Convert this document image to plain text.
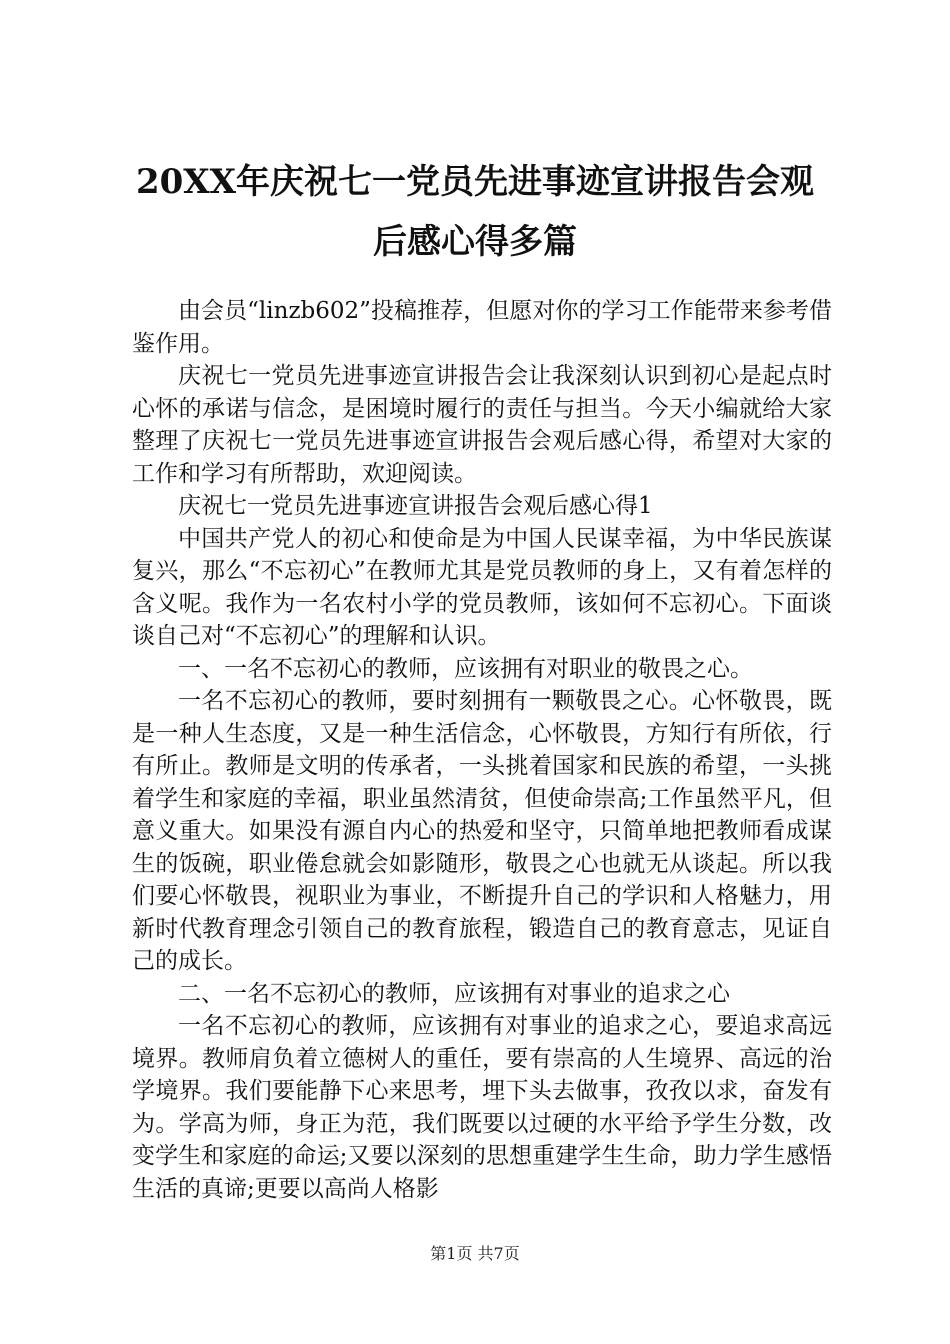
20XX年庆祝七一党员先进事迹宣讲报告会观
后感心得多篇

由会员“linzb602”投稿推荐，但愿对你的学习工作能带来参考借鉴作用。

庆祝七一党员先进事迹宣讲报告会让我深刻认识到初心是起点时心怀的承诺与信念，是困境时履行的责任与担当。今天小编就给大家整理了庆祝七一党员先进事迹宣讲报告会观后感心得，希望对大家的工作和学习有所帮助，欢迎阅读。

庆祝七一党员先进事迹宣讲报告会观后感心得1

中国共产党人的初心和使命是为中国人民谋幸福，为中华民族谋复兴，那么“不忘初心”在教师尤其是党员教师的身上，又有着怎样的含义呢。我作为一名农村小学的党员教师，该如何不忘初心。下面谈谈自己对“不忘初心”的理解和认识。

一、一名不忘初心的教师，应该拥有对职业的敬畏之心。

一名不忘初心的教师，要时刻拥有一颗敬畏之心。心怀敬畏，既是一种人生态度，又是一种生活信念，心怀敬畏，方知行有所依，行有所止。教师是文明的传承者，一头挑着国家和民族的希望，一头挑着学生和家庭的幸福，职业虽然清贫，但使命崇高;工作虽然平凡，但意义重大。如果没有源自内心的热爱和坚守，只简单地把教师看成谋生的饭碗，职业倦怠就会如影随形，敬畏之心也就无从谈起。所以我们要心怀敬畏，视职业为事业，不断提升自己的学识和人格魅力，用新时代教育理念引领自己的教育旅程，锻造自己的教育意志，见证自己的成长。

二、一名不忘初心的教师，应该拥有对事业的追求之心

一名不忘初心的教师，应该拥有对事业的追求之心，要追求高远境界。教师肩负着立德树人的重任，要有崇高的人生境界、高远的治学境界。我们要能静下心来思考，埋下头去做事，孜孜以求，奋发有为。学高为师，身正为范，我们既要以过硬的水平给予学生分数，改变学生和家庭的命运;又要以深刻的思想重建学生生命，助力学生感悟生活的真谛;更要以高尚人格影

第1页 共7页
